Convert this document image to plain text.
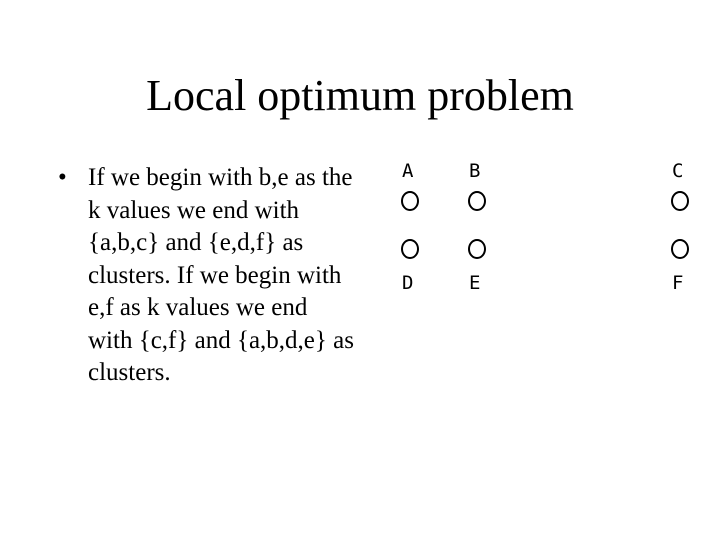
Local optimum problem
• If we begin with b,e as the k values we end with {a,b,c} and {e,d,f} as clusters. If we begin with e,f as k values we end with {c,f} and {a,b,d,e} as clusters.
A	B	C
D	E	F
